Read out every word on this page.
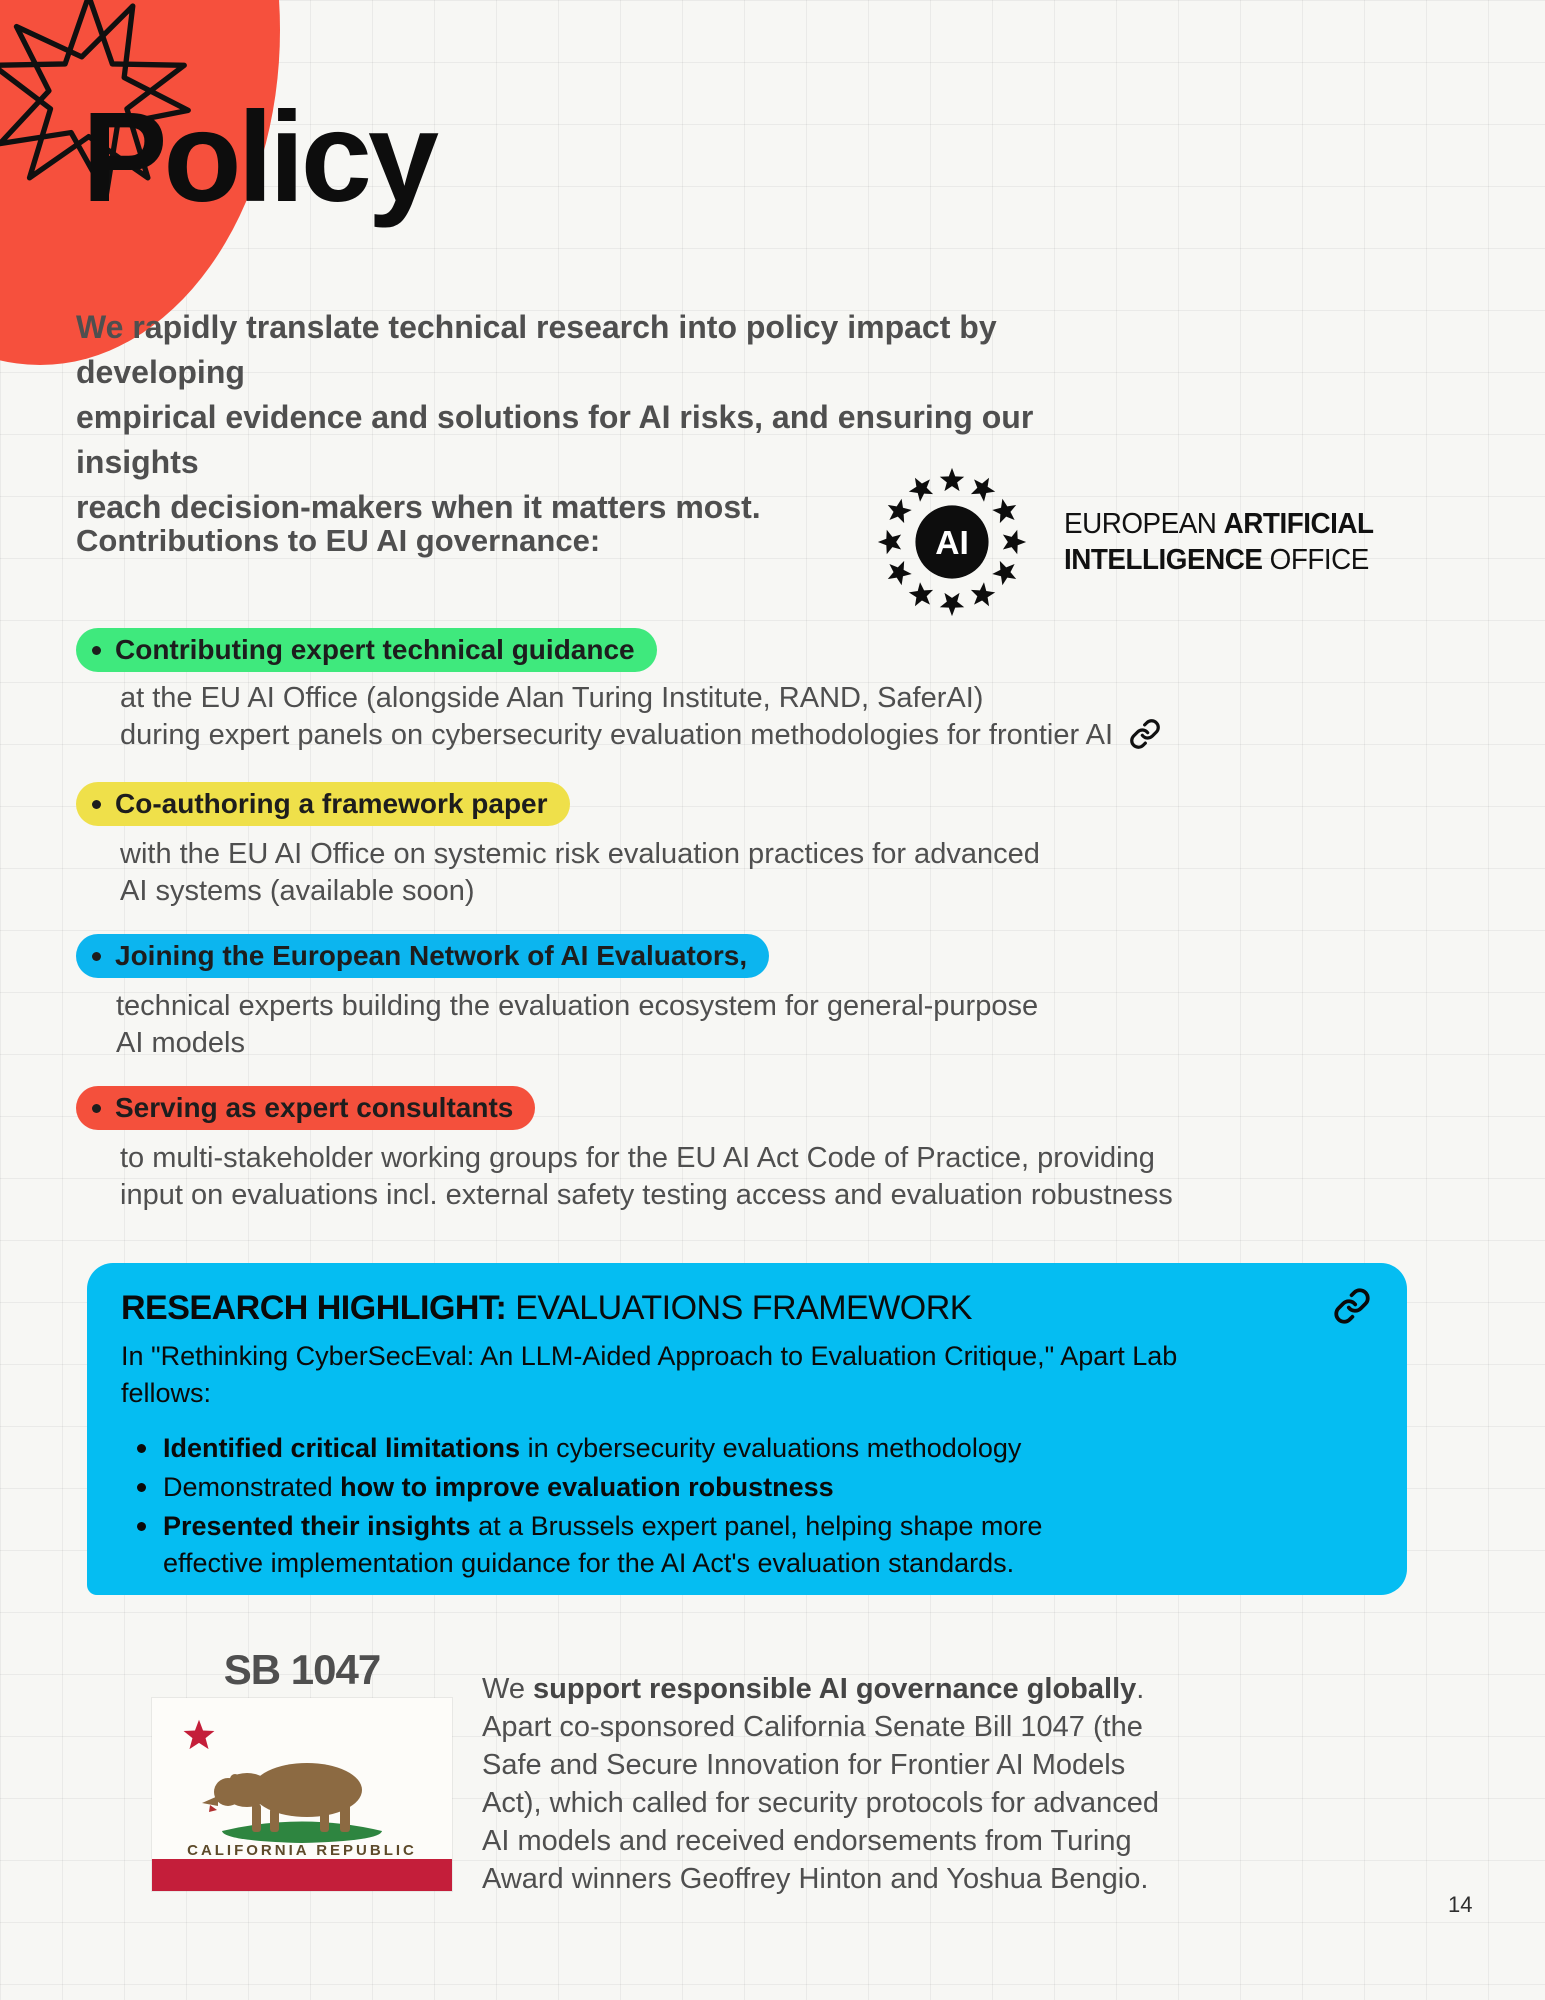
Policy
We rapidly translate technical research into policy impact by developing
empirical evidence and solutions for AI risks, and ensuring our insights
reach decision-makers when it matters most.
Contributions to EU AI governance:	AI
EUROPEAN ARTIFICIAL
INTELLIGENCE OFFICE
Contributing expert technical guidance
at the EU AI Office (alongside Alan Turing Institute, RAND, SaferAI)
during expert panels on cybersecurity evaluation methodologies for frontier AI
Co-authoring a framework paper
with the EU AI Office on systemic risk evaluation practices for advanced
AI systems (available soon)
Joining the European Network of AI Evaluators,
technical experts building the evaluation ecosystem for general-purpose
AI models
Serving as expert consultants
to multi-stakeholder working groups for the EU AI Act Code of Practice, providing
input on evaluations incl. external safety testing access and evaluation robustness
RESEARCH HIGHLIGHT: EVALUATIONS FRAMEWORK
In "Rethinking CyberSecEval: An LLM-Aided Approach to Evaluation Critique," Apart Lab
fellows:
Identified critical limitations in cybersecurity evaluations methodology
Demonstrated how to improve evaluation robustness
Presented their insights at a Brussels expert panel, helping shape more effective implementation guidance for the AI Act's evaluation standards.
SB 1047
CALIFORNIA REPUBLIC

We support responsible AI governance globally. Apart co-sponsored California Senate Bill 1047 (the Safe and Secure Innovation for Frontier AI Models Act), which called for security protocols for advanced AI models and received endorsements from Turing Award winners Geoffrey Hinton and Yoshua Bengio.

14
